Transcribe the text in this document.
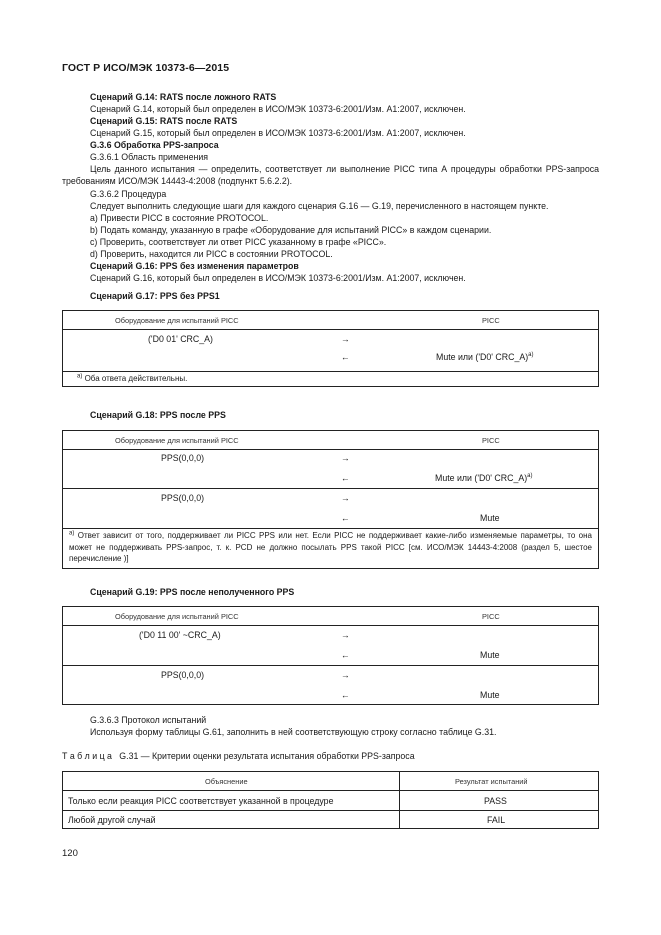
ГОСТ Р ИСО/МЭК 10373-6—2015
Сценарий G.14: RATS после ложного RATS
Сценарий G.14, который был определен в ИСО/МЭК 10373-6:2001/Изм. А1:2007, исключен.
Сценарий G.15: RATS после RATS
Сценарий G.15, который был определен в ИСО/МЭК 10373-6:2001/Изм. А1:2007, исключен.
G.3.6 Обработка PPS-запроса
G.3.6.1 Область применения
Цель данного испытания — определить, соответствует ли выполнение PICC типа А процедуры обработки PPS-запроса требованиям ИСО/МЭК 14443-4:2008 (подпункт 5.6.2.2).
G.3.6.2 Процедура
Следует выполнить следующие шаги для каждого сценария G.16 — G.19, перечисленного в настоящем пункте.
a) Привести PICC в состояние PROTOCOL.
b) Подать команду, указанную в графе «Оборудование для испытаний PICC» в каждом сценарии.
c) Проверить, соответствует ли ответ PICC указанному в графе «PICC».
d) Проверить, находится ли PICC в состоянии PROTOCOL.
Сценарий G.16: PPS без изменения параметров
Сценарий G.16, который был определен в ИСО/МЭК 10373-6:2001/Изм. А1:2007, исключен.
Сценарий G.17: PPS без PPS1
Оборудование для испытаний PICC	PICC
('D0 01' CRC_A)	→
←	Mute или ('D0' CRC_A)$^{a)}$
$^{a)}$ Оба ответа действительны.
Сценарий G.18: PPS после PPS
Оборудование для испытаний PICC	PICC
PPS(0,0,0)	→
←	Mute или ('D0' CRC_A)$^{a)}$
PPS(0,0,0)	→
←	Mute
$^{a)}$ Ответ зависит от того, поддерживает ли PICC PPS или нет. Если PICC не поддерживает какие-либо изменяемые параметры, то она может не поддерживать PPS-запрос, т. к. PCD не должно посылать PPS такой PICC [см. ИСО/МЭК 14443-4:2008 (раздел 5, шестое перечисление )]
Сценарий G.19: PPS после неполученного PPS
Оборудование для испытаний PICC	PICC
('D0 11 00' ~CRC_A)	→
←	Mute
PPS(0,0,0)	→
←	Mute
G.3.6.3 Протокол испытаний
Используя форму таблицы G.61, заполнить в ней соответствующую строку согласно таблице G.31.
Т а б л и ц а   G.31 — Критерии оценки результата испытания обработки PPS-запроса
Объяснение	Результат испытаний
Только если реакция PICC соответствует указанной в процедуре	PASS
Любой другой случай	FAIL
120
